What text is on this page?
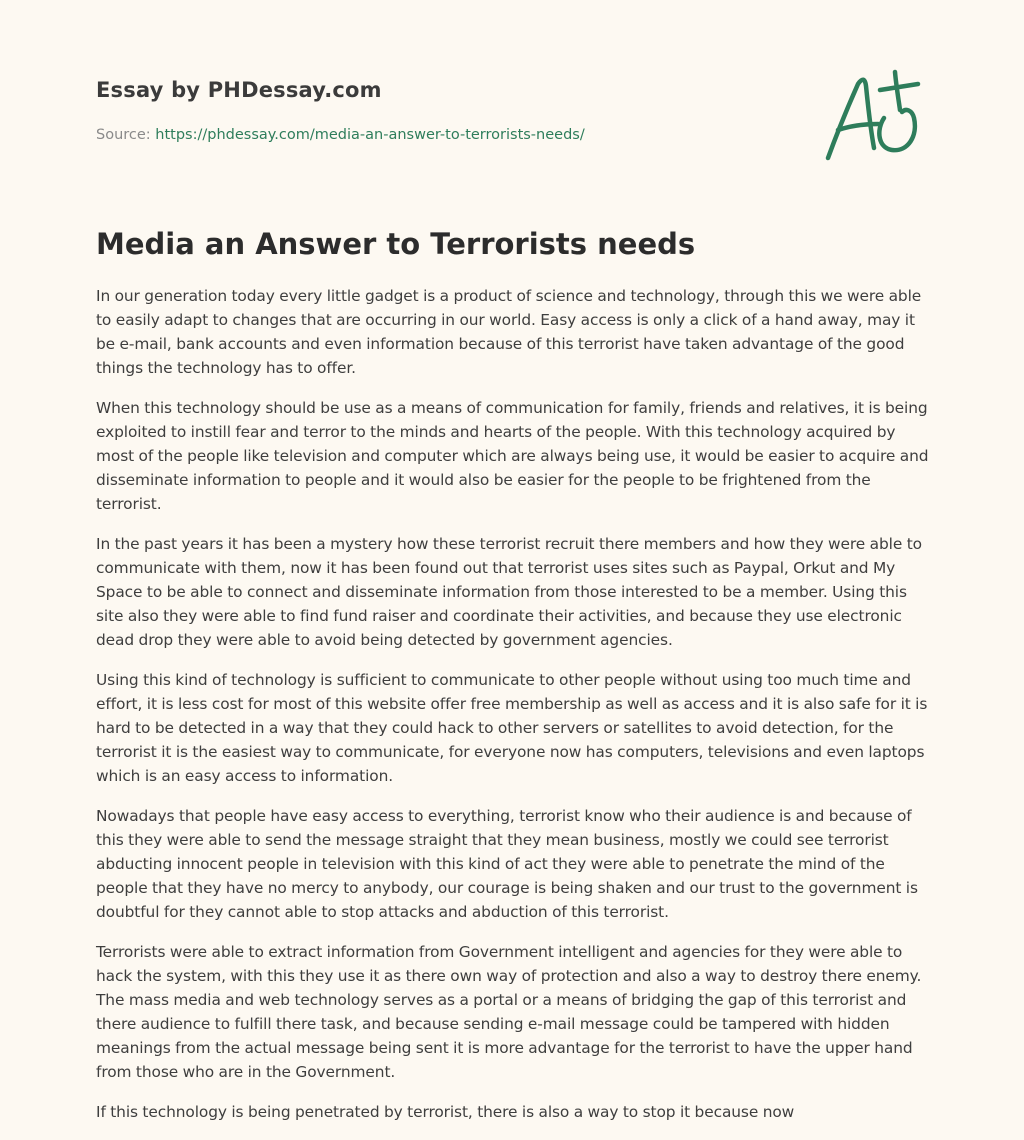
Essay by PHDessay.com
Source: https://phdessay.com/media-an-answer-to-terrorists-needs/
Media an Answer to Terrorists needs

In our generation today every little gadget is a product of science and technology, through this we were able to easily adapt to changes that are occurring in our world. Easy access is only a click of a hand away, may it be e-mail, bank accounts and even information because of this terrorist have taken advantage of the good things the technology has to offer.

When this technology should be use as a means of communication for family, friends and relatives, it is being exploited to instill fear and terror to the minds and hearts of the people. With this technology acquired by most of the people like television and computer which are always being use, it would be easier to acquire and disseminate information to people and it would also be easier for the people to be frightened from the terrorist.

In the past years it has been a mystery how these terrorist recruit there members and how they were able to communicate with them, now it has been found out that terrorist uses sites such as Paypal, Orkut and My Space to be able to connect and disseminate information from those interested to be a member. Using this site also they were able to find fund raiser and coordinate their activities, and because they use electronic dead drop they were able to avoid being detected by government agencies.

Using this kind of technology is sufficient to communicate to other people without using too much time and effort, it is less cost for most of this website offer free membership as well as access and it is also safe for it is hard to be detected in a way that they could hack to other servers or satellites to avoid detection, for the terrorist it is the easiest way to communicate, for everyone now has computers, televisions and even laptops which is an easy access to information.

Nowadays that people have easy access to everything, terrorist know who their audience is and because of this they were able to send the message straight that they mean business, mostly we could see terrorist abducting innocent people in television with this kind of act they were able to penetrate the mind of the people that they have no mercy to anybody, our courage is being shaken and our trust to the government is doubtful for they cannot able to stop attacks and abduction of this terrorist.

Terrorists were able to extract information from Government intelligent and agencies for they were able to hack the system, with this they use it as there own way of protection and also a way to destroy there enemy. The mass media and web technology serves as a portal or a means of bridging the gap of this terrorist and there audience to fulfill there task, and because sending e-mail message could be tampered with hidden meanings from the actual message being sent it is more advantage for the terrorist to have the upper hand from those who are in the Government.

If this technology is being penetrated by terrorist, there is also a way to stop it because now
